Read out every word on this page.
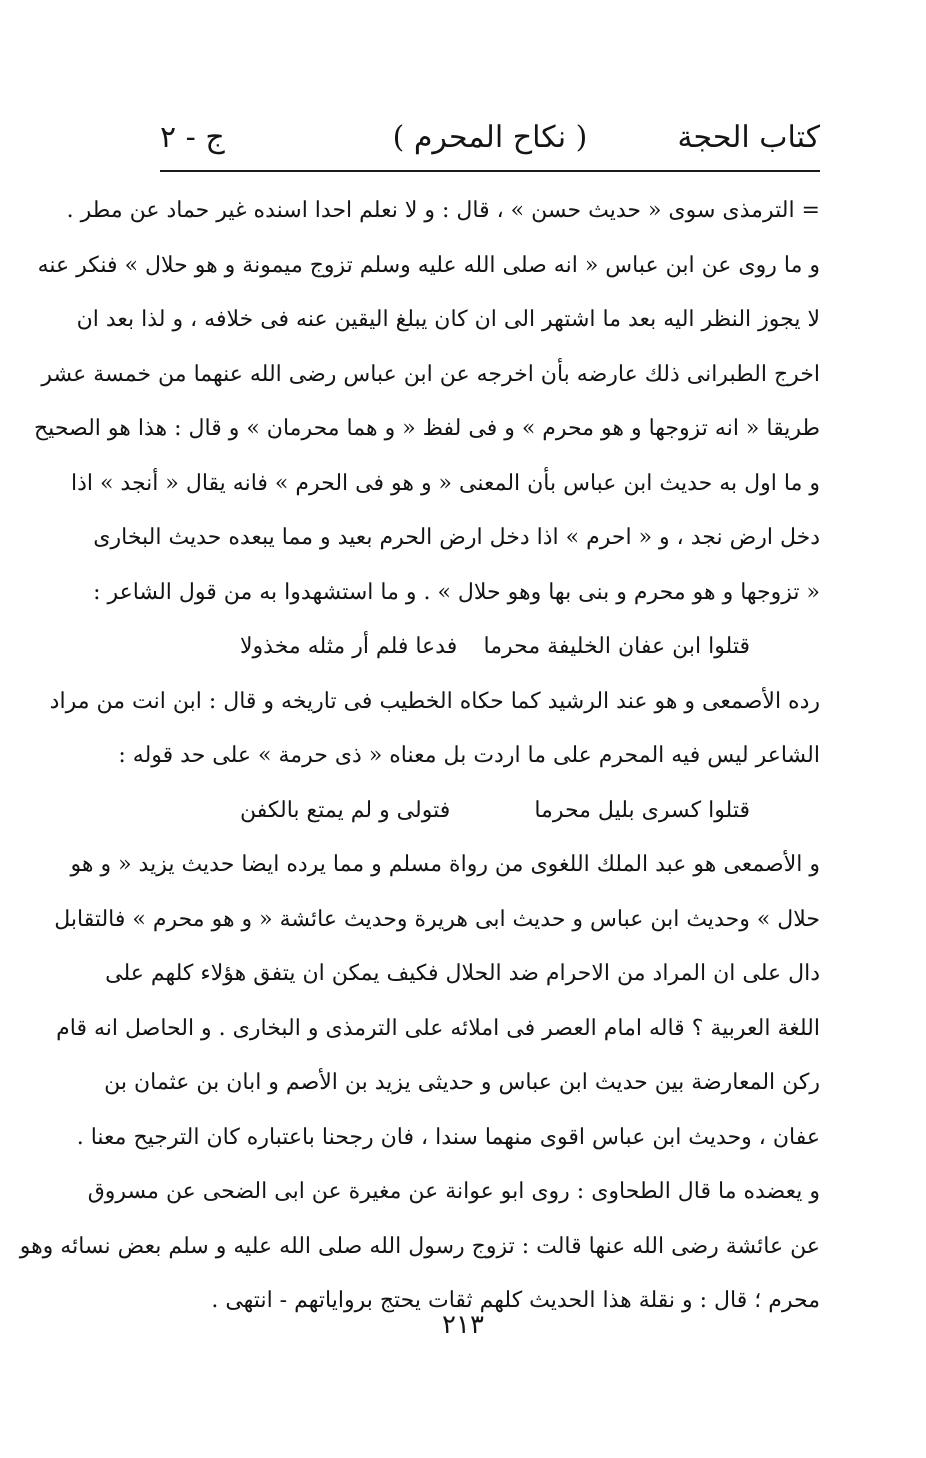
كتاب الحجة
( نكاح المحرم )
ج - ٢
= الترمذى سوى « حديث حسن » ، قال : و لا نعلم احدا اسنده غير حماد عن مطر .
و ما روى عن ابن عباس « انه صلى الله عليه وسلم تزوج ميمونة و هو حلال » فنكر عنه
لا يجوز النظر اليه بعد ما اشتهر الى ان كان يبلغ اليقين عنه فى خلافه ، و لذا بعد ان
اخرج الطبرانى ذلك عارضه بأن اخرجه عن ابن عباس رضى الله عنهما من خمسة عشر
طريقا « انه تزوجها و هو محرم » و فى لفظ « و هما محرمان » و قال : هذا هو الصحيح
و ما اول به حديث ابن عباس بأن المعنى « و هو فى الحرم » فانه يقال « أنجد » اذا
دخل ارض نجد ، و « احرم » اذا دخل ارض الحرم بعيد و مما يبعده حديث البخارى
« تزوجها و هو محرم و بنى بها وهو حلال » . و ما استشهدوا به من قول الشاعر :
قتلوا ابن عفان الخليفة محرما
فدعا فلم أر مثله مخذولا
رده الأصمعى و هو عند الرشيد كما حكاه الخطيب فى تاريخه و قال : ابن انت من مراد
الشاعر ليس فيه المحرم على ما اردت بل معناه « ذى حرمة » على حد قوله :
قتلوا كسرى بليل محرما
فتولى و لم يمتع بالكفن
و الأصمعى هو عبد الملك اللغوى من رواة مسلم و مما يرده ايضا حديث يزيد « و هو
حلال » وحديث ابن عباس و حديث ابى هريرة وحديث عائشة « و هو محرم » فالتقابل
دال على ان المراد من الاحرام ضد الحلال فكيف يمكن ان يتفق هؤلاء كلهم على
اللغة العربية ؟ قاله امام العصر فى املائه على الترمذى و البخارى . و الحاصل انه قام
ركن المعارضة بين حديث ابن عباس و حديثى يزيد بن الأصم و ابان بن عثمان بن
عفان ، وحديث ابن عباس اقوى منهما سندا ، فان رجحنا باعتباره كان الترجيح معنا .
و يعضده ما قال الطحاوى : روى ابو عوانة عن مغيرة عن ابى الضحى عن مسروق
عن عائشة رضى الله عنها قالت : تزوج رسول الله صلى الله عليه و سلم بعض نسائه وهو
محرم ؛ قال : و نقلة هذا الحديث كلهم ثقات يحتج برواياتهم - انتهى .
٢١٣
